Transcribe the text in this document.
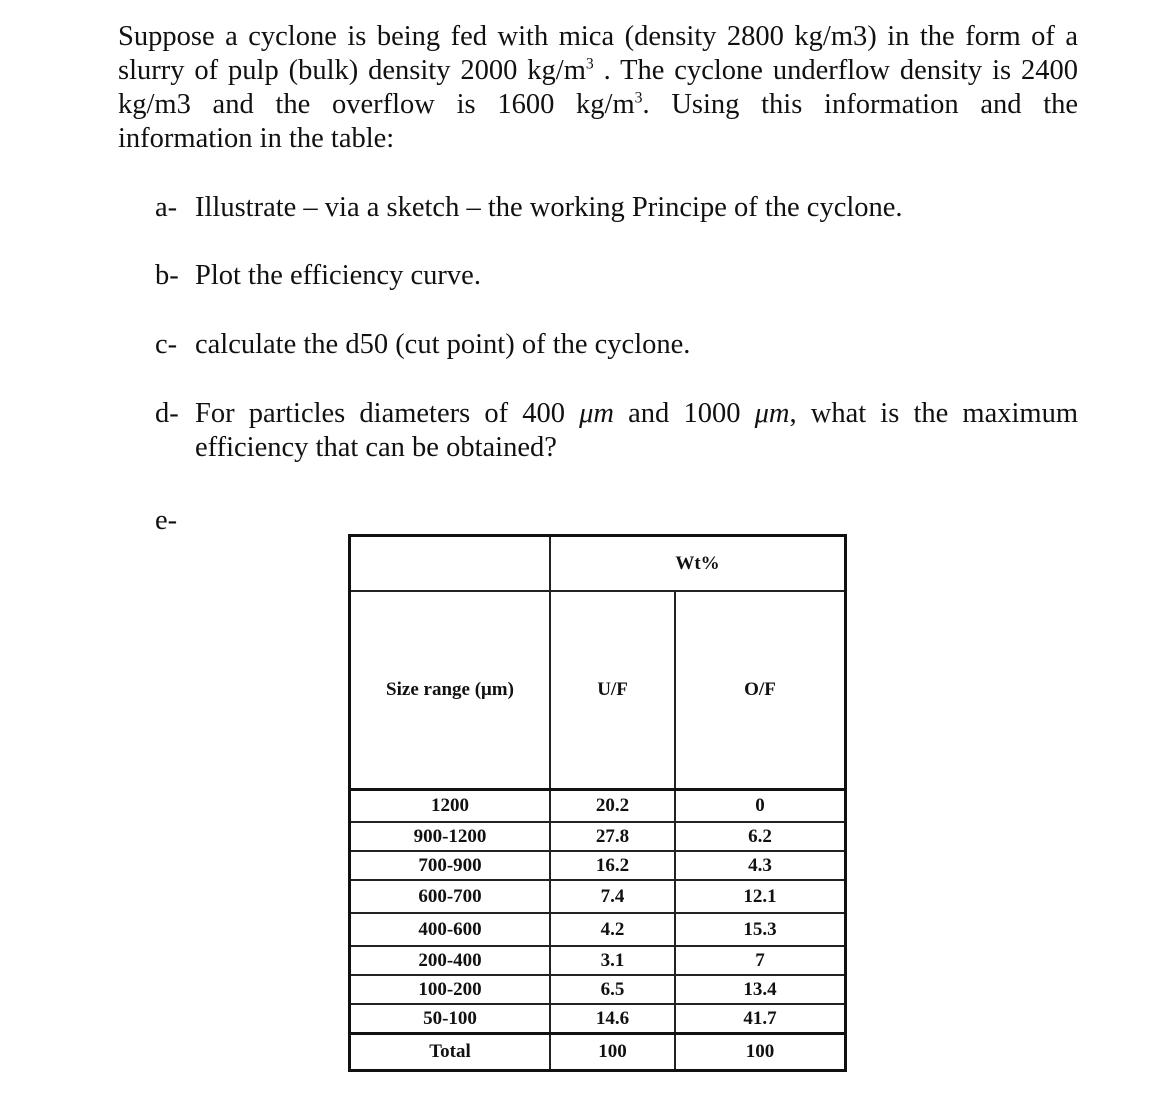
Suppose a cyclone is being fed with mica (density 2800 kg/m3) in the form of a
slurry of pulp (bulk) density 2000 $kg/m^3$ . The cyclone underflow density is 2400
kg/m3 and the overflow is 1600 $kg/m^3$. Using this information and the
information in the table:
a- Illustrate – via a sketch – the working Principe of the cyclone.
b- Plot the efficiency curve.
c- calculate the d50 (cut point) of the cyclone.
d- For particles diameters of 400 μm and 1000 μm, what is the maximum
efficiency that can be obtained?
e-
	Wt%	
Size range (μm)	U/F	O/F
1200	20.2	0
900-1200	27.8	6.2
700-900	16.2	4.3
600-700	7.4	12.1
400-600	4.2	15.3
200-400	3.1	7
100-200	6.5	13.4
50-100	14.6	41.7
Total	100	100
